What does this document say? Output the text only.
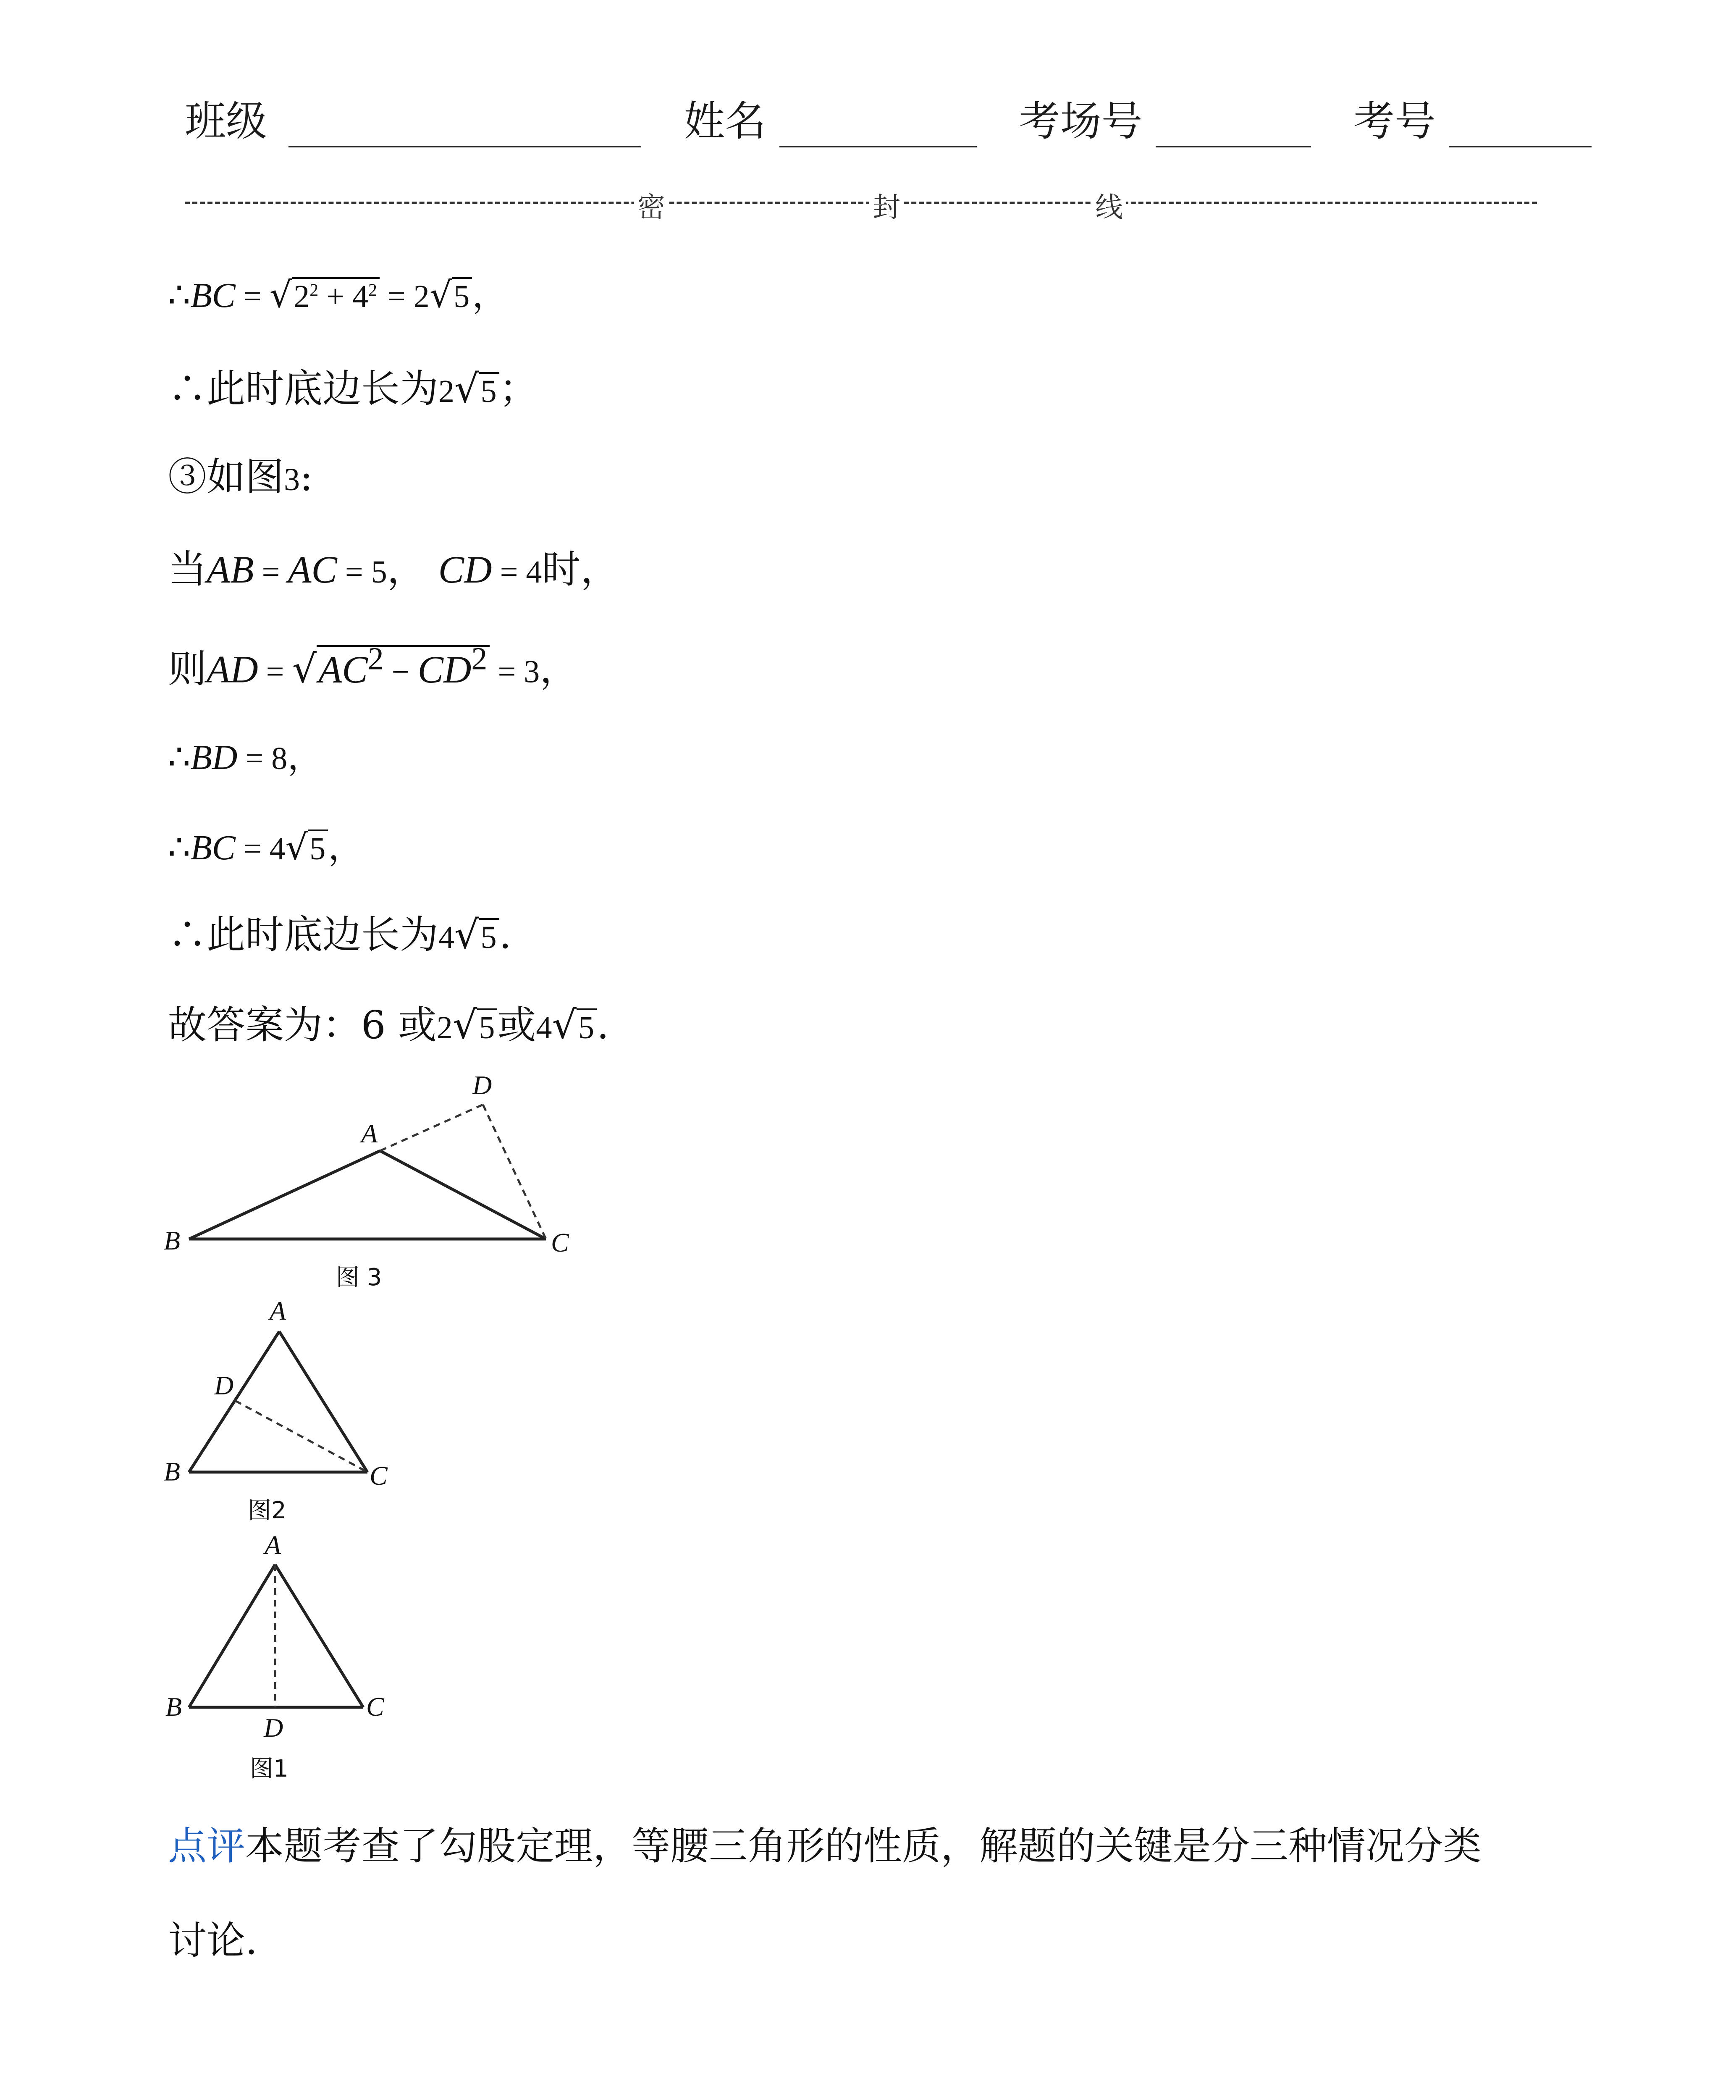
班级	姓名	考场号	考号
密	封	线
∴BC = $√2^2 + 4^2 = 2√5$，
∴此时底边长为2√5；
③如图3:
当AB = AC = 5， CD = 4时，
则AD = $√AC^2 - CD^2 = 3$，
∴BD = 8，
∴BC = 4√5，
∴此时底边长为4√5.
故答案为：6 或2√5或4√5.
A
B	C
D
图 3
A
B	C
D
图2
A
B	C
D
图1
点评本题考查了勾股定理，等腰三角形的性质，解题的关键是分三种情况分类
讨论.
